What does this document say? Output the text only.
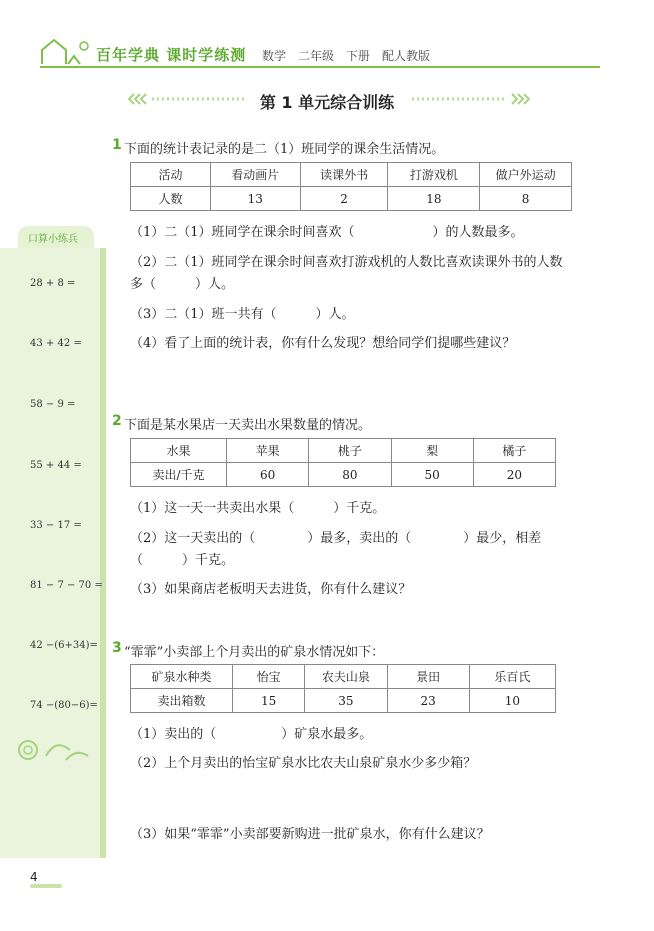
百年学典 课时学练测 数学　二年级　下册　配人教版
第 1 单元综合训练
口算小练兵
28 + 8 =
43 + 42 =
58 − 9 =
55 + 44 =
33 − 17 =
81 − 7 − 70 =
42 −(6+34)=
74 −(80−6)=
1 下面的统计表记录的是二（1）班同学的课余生活情况。
活动	看动画片	读课外书	打游戏机	做户外运动
人数	13	2	18	8
（1）二（1）班同学在课余时间喜欢（　　　　　　）的人数最多。
（2）二（1）班同学在课余时间喜欢打游戏机的人数比喜欢读课外书的人数
多（　　　）人。
（3）二（1）班一共有（　　　）人。
（4）看了上面的统计表，你有什么发现？想给同学们提哪些建议？
2 下面是某水果店一天卖出水果数量的情况。
水果	苹果	桃子	梨	橘子
卖出/千克	60	80	50	20
（1）这一天一共卖出水果（　　　）千克。
（2）这一天卖出的（　　　　）最多，卖出的（　　　　）最少，相差
（　　　）千克。
（3）如果商店老板明天去进货，你有什么建议？
3 “霏霏”小卖部上个月卖出的矿泉水情况如下：
矿泉水种类	怡宝	农夫山泉	景田	乐百氏
卖出箱数	15	35	23	10
（1）卖出的（　　　　　）矿泉水最多。
（2）上个月卖出的怡宝矿泉水比农夫山泉矿泉水少多少箱？
（3）如果“霏霏”小卖部要新购进一批矿泉水，你有什么建议？
4
